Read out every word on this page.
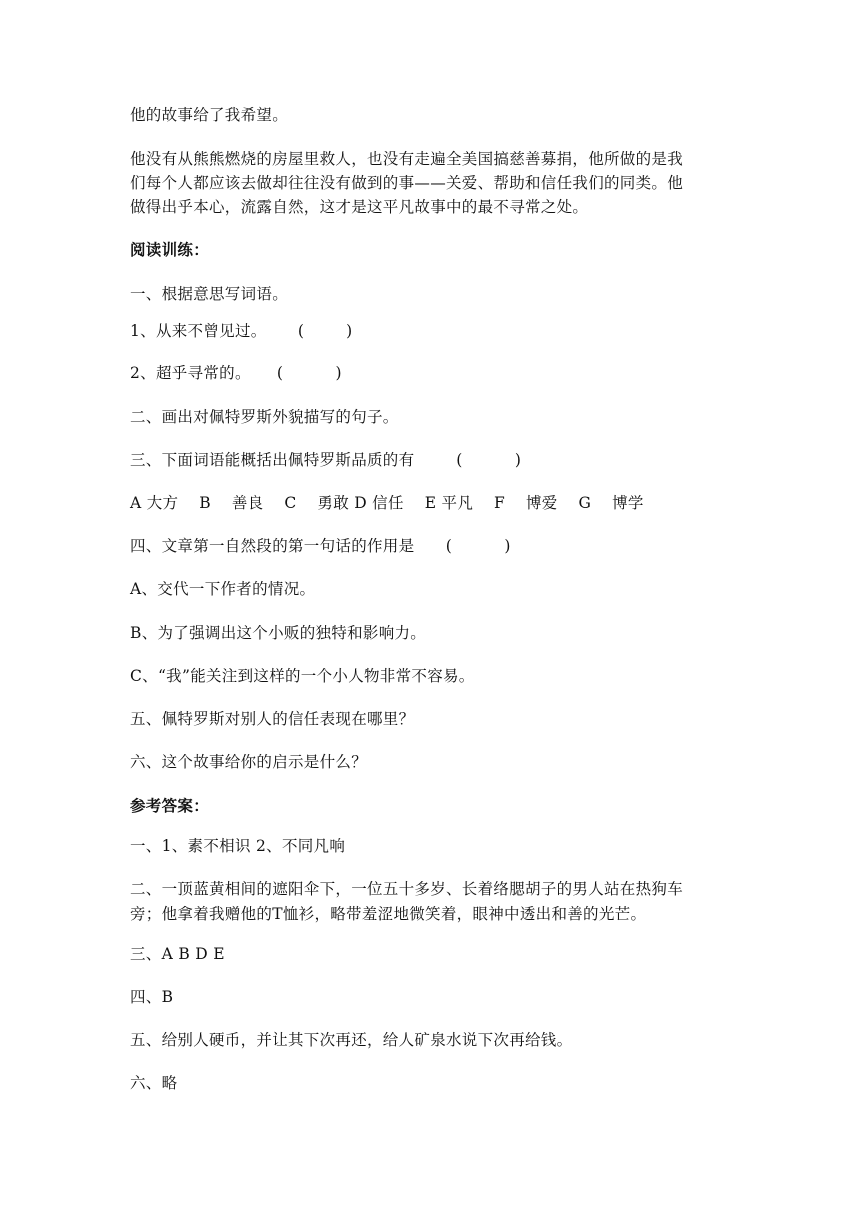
他的故事给了我希望。
他没有从熊熊燃烧的房屋里救人，也没有走遍全美国搞慈善募捐，他所做的是我
们每个人都应该去做却往往没有做到的事——关爱、帮助和信任我们的同类。他
做得出乎本心，流露自然，这才是这平凡故事中的最不寻常之处。
阅读训练：
一、根据意思写词语。
1、从来不曾见过。      (        )
2、超乎寻常的。     (          )
二、画出对佩特罗斯外貌描写的句子。
三、下面词语能概括出佩特罗斯品质的有        (          )
A 大方    B    善良    C    勇敢 D 信任    E 平凡    F    博爱    G    博学
四、文章第一自然段的第一句话的作用是      (          )
A、交代一下作者的情况。
B、为了强调出这个小贩的独特和影响力。
C、“我”能关注到这样的一个小人物非常不容易。
五、佩特罗斯对别人的信任表现在哪里？
六、这个故事给你的启示是什么？
参考答案：
一、1、素不相识 2、不同凡响
二、一顶蓝黄相间的遮阳伞下，一位五十多岁、长着络腮胡子的男人站在热狗车
旁；他拿着我赠他的T恤衫，略带羞涩地微笑着，眼神中透出和善的光芒。
三、A B D E
四、B
五、给别人硬币，并让其下次再还，给人矿泉水说下次再给钱。
六、略
